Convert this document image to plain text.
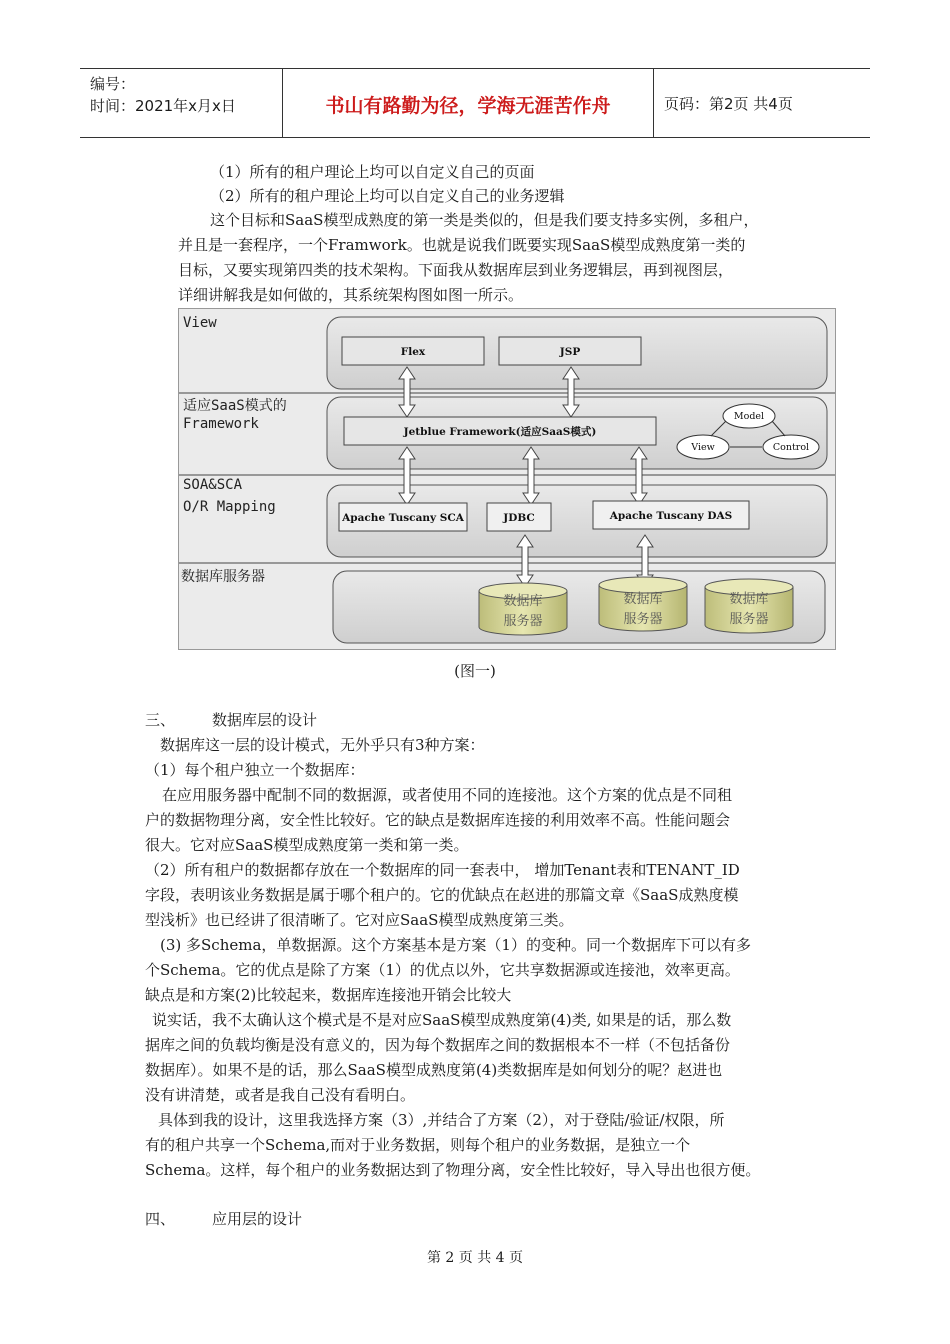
编号：
时间：2021年x月x日	书山有路勤为径，学海无涯苦作舟	页码：第2页 共4页
（1）所有的租户理论上均可以自定义自己的页面
（2）所有的租户理论上均可以自定义自己的业务逻辑
这个目标和SaaS模型成熟度的第一类是类似的，但是我们要支持多实例，多租户，
并且是一套程序，一个Framwork。也就是说我们既要实现SaaS模型成熟度第一类的
目标，又要实现第四类的技术架构。下面我从数据库层到业务逻辑层，再到视图层，
详细讲解我是如何做的，其系统架构图如图一所示。
View
适应SaaS模式的
Framework
SOA&SCA
O/R Mapping
数据库服务器
Flex	JSP
Jetblue Framework(适应SaaS模式)
Apache Tuscany SCA	JDBC	Apache Tuscany DAS
Model
View	Control
数据库
服务器
数据库
服务器
数据库
服务器
(图一)
三、 数据库层的设计
数据库这一层的设计模式，无外乎只有3种方案：
（1）每个租户独立一个数据库：
在应用服务器中配制不同的数据源，或者使用不同的连接池。这个方案的优点是不同租
户的数据物理分离，安全性比较好。它的缺点是数据库连接的利用效率不高。性能问题会
很大。它对应SaaS模型成熟度第一类和第一类。
（2）所有租户的数据都存放在一个数据库的同一套表中， 增加Tenant表和TENANT_ID
字段，表明该业务数据是属于哪个租户的。它的优缺点在赵进的那篇文章《SaaS成熟度模
型浅析》也已经讲了很清晰了。它对应SaaS模型成熟度第三类。
(3) 多Schema，单数据源。这个方案基本是方案（1）的变种。同一个数据库下可以有多
个Schema。它的优点是除了方案（1）的优点以外，它共享数据源或连接池，效率更高。
缺点是和方案(2)比较起来，数据库连接池开销会比较大
说实话，我不太确认这个模式是不是对应SaaS模型成熟度第(4)类, 如果是的话，那么数
据库之间的负载均衡是没有意义的，因为每个数据库之间的数据根本不一样（不包括备份
数据库）。如果不是的话，那么SaaS模型成熟度第(4)类数据库是如何划分的呢？赵进也
没有讲清楚，或者是我自己没有看明白。
具体到我的设计，这里我选择方案（3）,并结合了方案（2），对于登陆/验证/权限，所
有的租户共享一个Schema,而对于业务数据，则每个租户的业务数据，是独立一个
Schema。这样，每个租户的业务数据达到了物理分离，安全性比较好，导入导出也很方便。
四、 应用层的设计
第 2 页 共 4 页
